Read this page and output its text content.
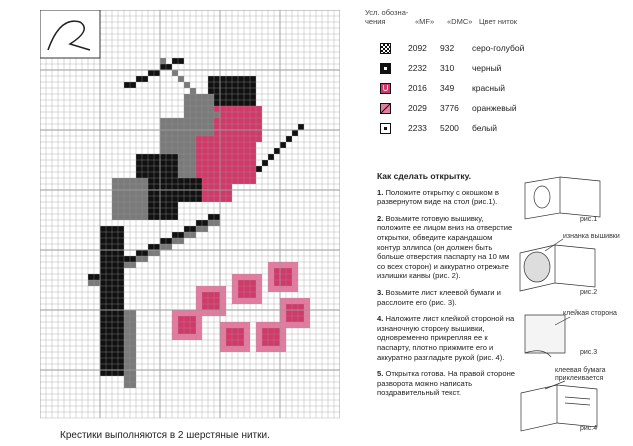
Крестики выполняются в 2 шерстяные нитки.
Усл. обозна-чения	«MF»	«DMC» Цвет ниток
2092	932	серо-голубой
2232	310	черный
U	2016	349	красный
2029	3776	оранжевый
2233	5200	белый
Как сделать открытку.
1. Положите открытку с окошком в развернутом виде на стол (рис.1).
2. Возьмите готовую вышивку, положите ее лицом вниз на отверстие открытки, обведите карандашом контур эллипса (он должен быть больше отверстия паспарту на 10 мм со всех сторон) и аккуратно отрежьте излишки канвы (рис. 2).
3. Возьмите лист клеевой бумаги и расслоите его (рис. 3).
4. Наложите лист клейкой стороной на изнаночную сторону вышивки, одновременно прикрепляя ее к паспарту, плотно прижмите его и аккуратно разгладьте рукой (рис. 4).
5. Открытка готова. На правой стороне разворота можно написать поздравительный текст.
рис.1
изнанка вышивки
рис.2
клейкая сторона
рис.3
клеевая бумага приклеивается
рис.4
